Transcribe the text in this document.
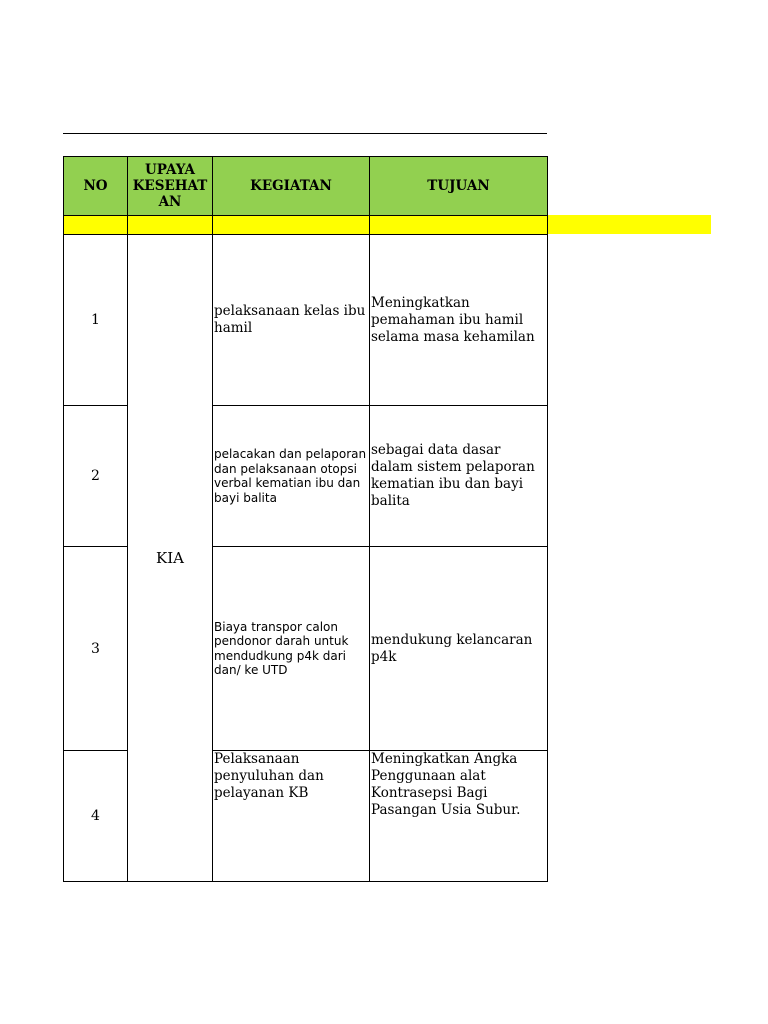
NO	UPAYA KESEHAT AN	KEGIATAN	TUJUAN

1	KIA	pelaksanaan kelas ibu hamil	Meningkatkan pemahaman ibu hamil selama masa kehamilan
2		pelacakan dan pelaporan dan pelaksanaan otopsi verbal kematian ibu dan bayi balita	sebagai data dasar dalam sistem pelaporan kematian ibu dan bayi balita
3		Biaya transpor calon pendonor darah untuk mendudkung p4k dari dan/ ke UTD	mendukung kelancaran p4k
4		Pelaksanaan penyuluhan dan pelayanan KB	Meningkatkan Angka Penggunaan alat Kontrasepsi Bagi Pasangan Usia Subur.
